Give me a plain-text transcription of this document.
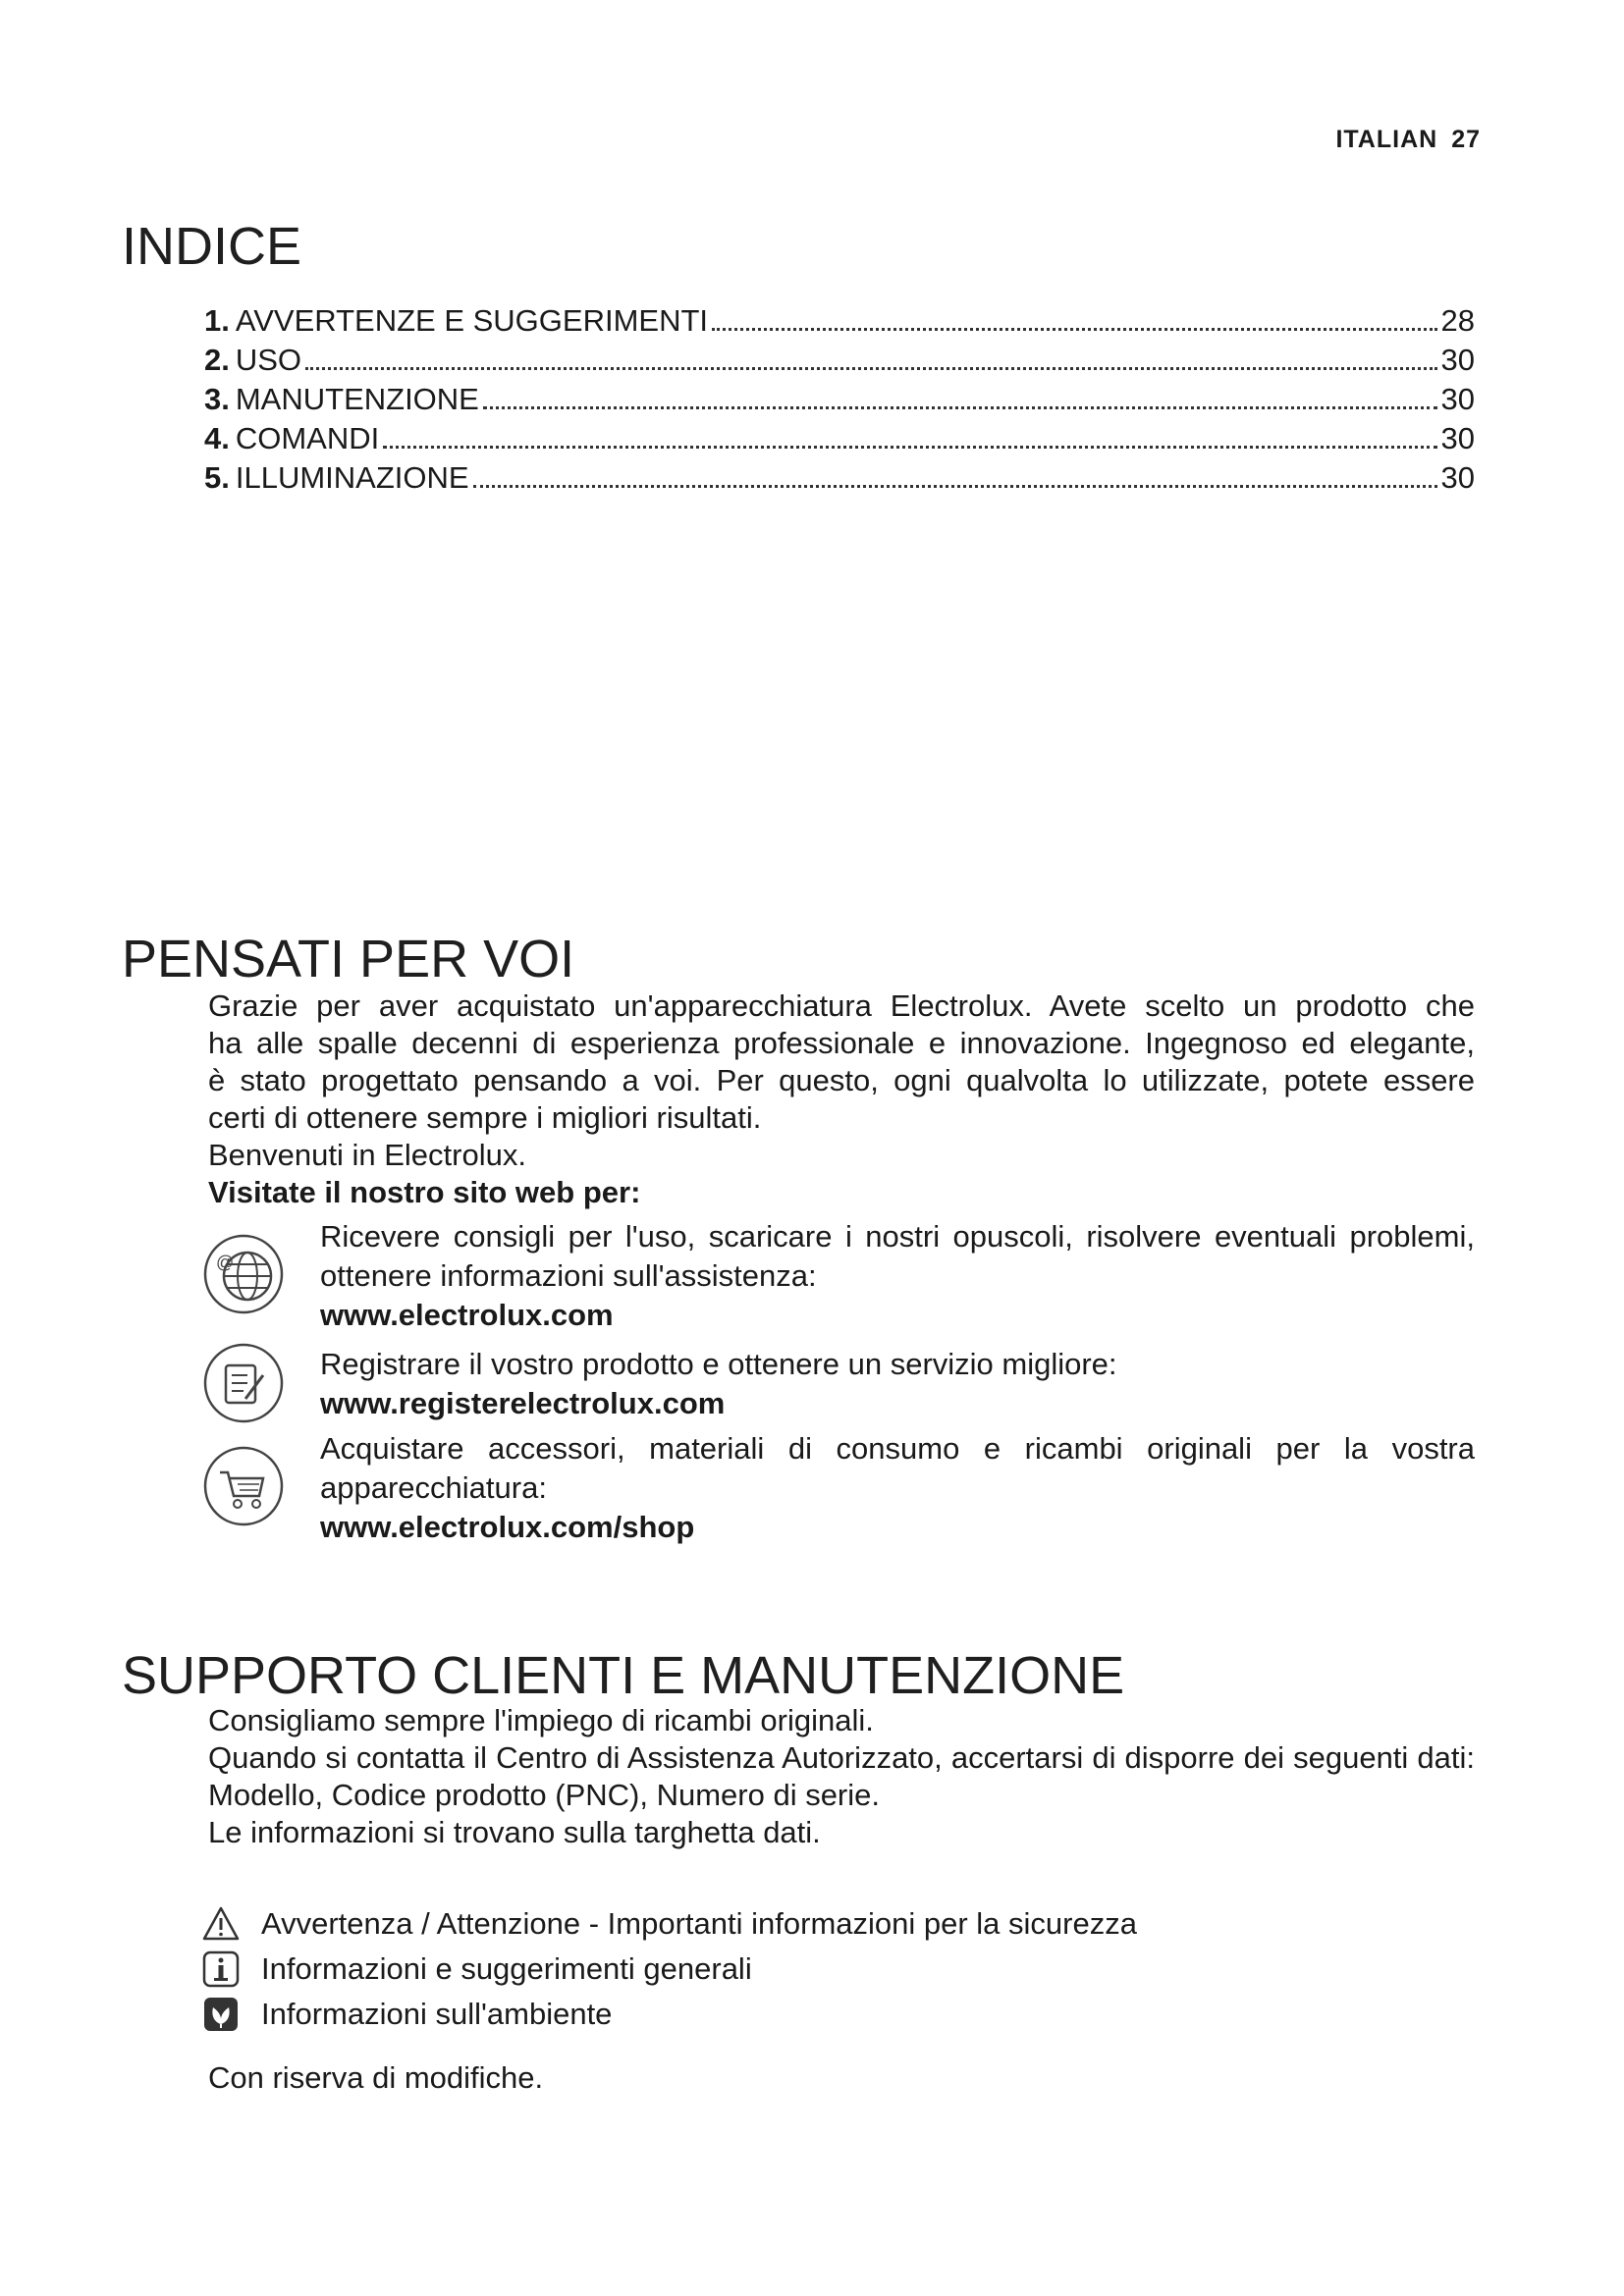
ITALIAN 27
INDICE
1. AVVERTENZE E SUGGERIMENTI	28
2. USO	30
3. MANUTENZIONE	30
4. COMANDI	30
5. ILLUMINAZIONE	30
PENSATI PER VOI
Grazie per aver acquistato un'apparecchiatura Electrolux. Avete scelto un prodotto che
ha alle spalle decenni di esperienza professionale e innovazione. Ingegnoso ed elegante,
è stato progettato pensando a voi. Per questo, ogni qualvolta lo utilizzate, potete essere
certi di ottenere sempre i migliori risultati.
Benvenuti in Electrolux.
Visitate il nostro sito web per:
@
Ricevere consigli per l'uso, scaricare i nostri opuscoli, risolvere eventuali problemi, ottenere informazioni sull'assistenza:
www.electrolux.com
Registrare il vostro prodotto e ottenere un servizio migliore:
www.registerelectrolux.com
Acquistare accessori, materiali di consumo e ricambi originali per la vostra apparecchiatura:
www.electrolux.com/shop
SUPPORTO CLIENTI E MANUTENZIONE

Consigliamo sempre l'impiego di ricambi originali.

Quando si contatta il Centro di Assistenza Autorizzato, accertarsi di disporre dei seguenti dati: Modello, Codice prodotto (PNC), Numero di serie.

Le informazioni si trovano sulla targhetta dati.

Avvertenza / Attenzione - Importanti informazioni per la sicurezza
Informazioni e suggerimenti generali
Informazioni sull'ambiente
Con riserva di modifiche.
